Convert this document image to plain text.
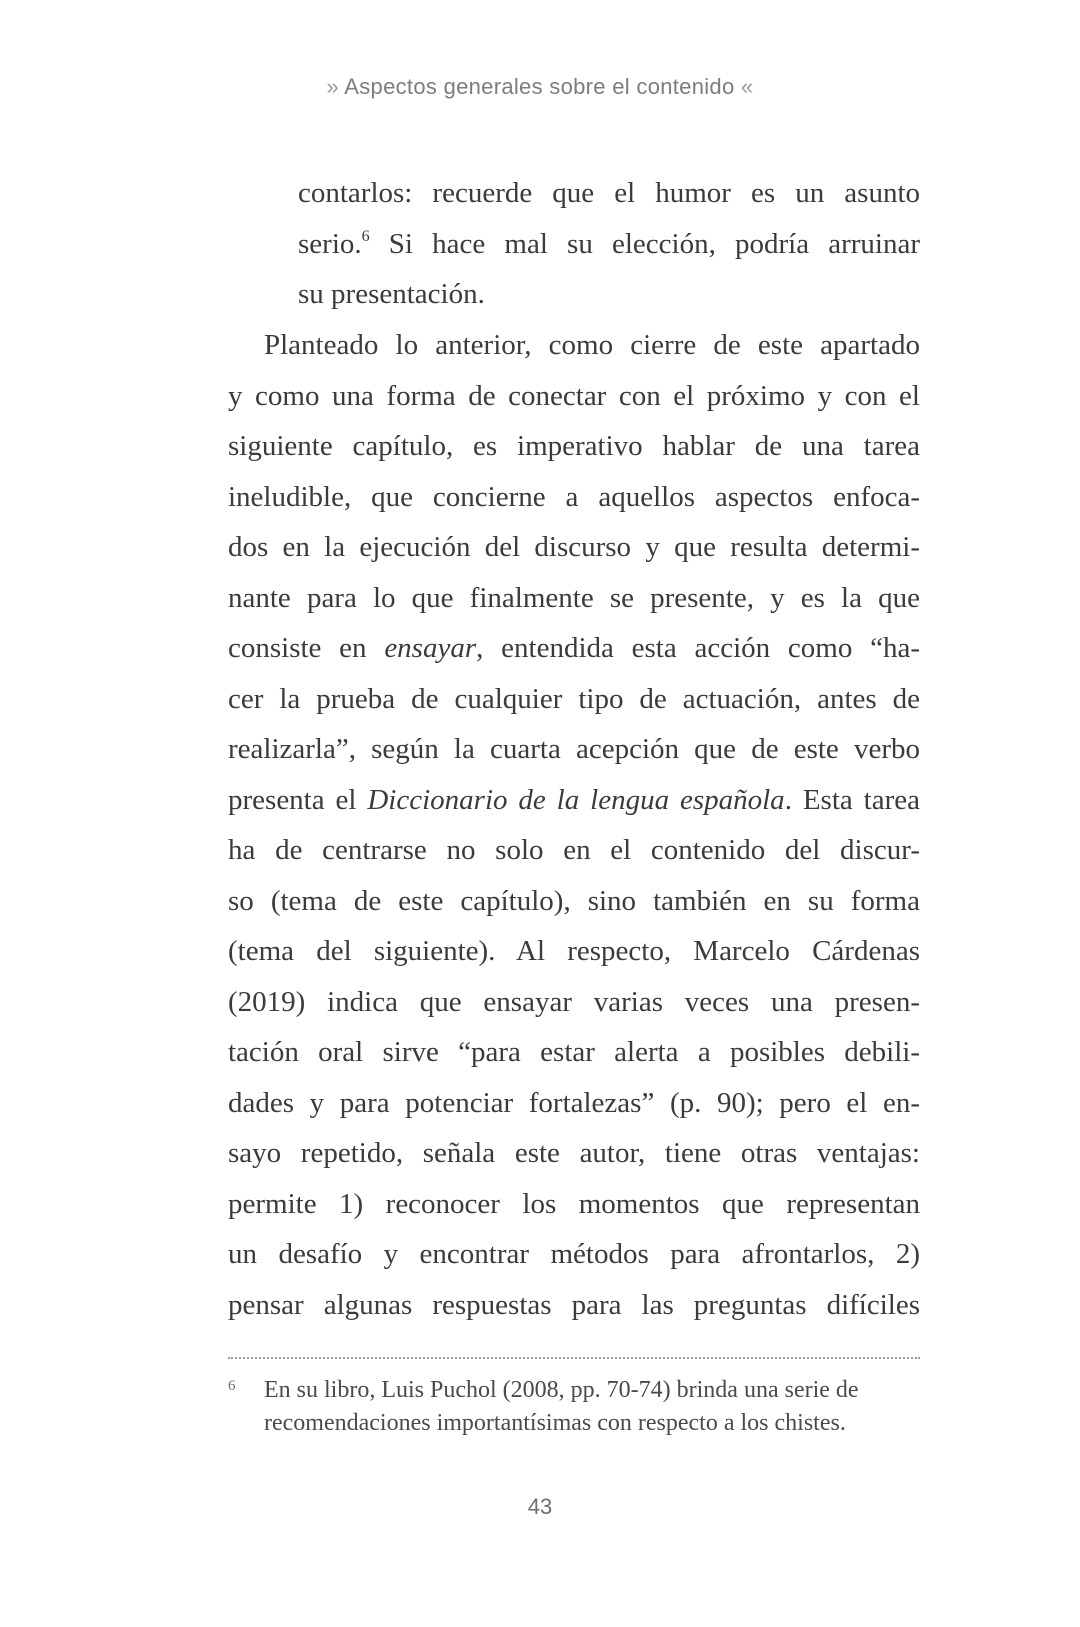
» Aspectos generales sobre el contenido «
contarlos: recuerde que el humor es un asunto
serio.$^6$ Si hace mal su elección, podría arruinar
su presentación.
Planteado lo anterior, como cierre de este apartado
y como una forma de conectar con el próximo y con el
siguiente capítulo, es imperativo hablar de una tarea
ineludible, que concierne a aquellos aspectos enfoca-
dos en la ejecución del discurso y que resulta determi-
nante para lo que finalmente se presente, y es la que
consiste en ensayar, entendida esta acción como “ha-
cer la prueba de cualquier tipo de actuación, antes de
realizarla”, según la cuarta acepción que de este verbo
presenta el Diccionario de la lengua española. Esta tarea
ha de centrarse no solo en el contenido del discur-
so (tema de este capítulo), sino también en su forma
(tema del siguiente). Al respecto, Marcelo Cárdenas
(2019) indica que ensayar varias veces una presen-
tación oral sirve “para estar alerta a posibles debili-
dades y para potenciar fortalezas” (p. 90); pero el en-
sayo repetido, señala este autor, tiene otras ventajas:
permite 1) reconocer los momentos que representan
un desafío y encontrar métodos para afrontarlos, 2)
pensar algunas respuestas para las preguntas difíciles
6 En su libro, Luis Puchol (2008, pp. 70-74) brinda una serie de
recomendaciones importantísimas con respecto a los chistes.
43
